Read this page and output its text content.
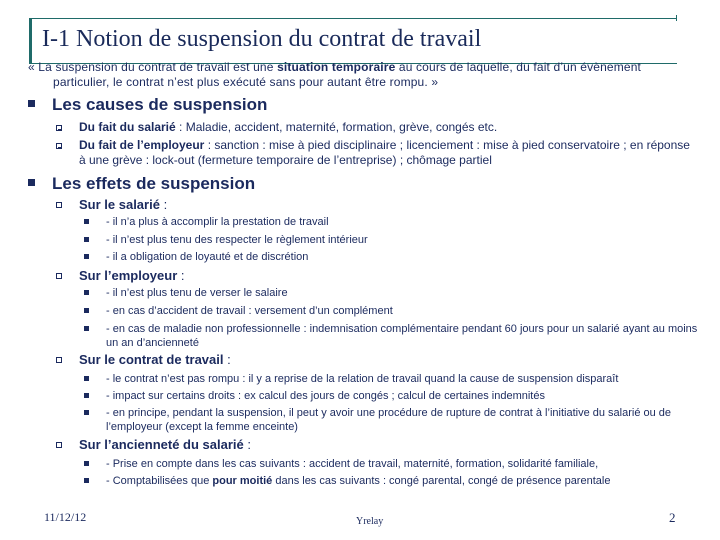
I-1 Notion de suspension du contrat de travail
« La suspension du contrat de travail est une situation temporaire au cours de laquelle, du fait d’un évènement
particulier, le contrat n’est plus exécuté sans pour autant être rompu. »
Les causes de suspension
Du fait du salarié : Maladie, accident, maternité, formation, grève, congés etc.
Du fait de l’employeur : sanction : mise à pied disciplinaire ; licenciement : mise à pied conservatoire ; en réponse à une grève : lock-out (fermeture temporaire de l’entreprise) ; chômage partiel
Les effets de suspension
Sur le salarié :
- il n’a plus à accomplir la prestation de travail
- il n’est plus tenu des respecter le règlement intérieur
- il a obligation de loyauté et de discrétion
Sur l’employeur :
- il n’est plus tenu de verser le salaire
- en cas d’accident de travail : versement d’un complément
- en cas de maladie non professionnelle : indemnisation complémentaire pendant 60 jours pour un salarié ayant au moins un an d’ancienneté
Sur le contrat de travail :
- le contrat n’est pas rompu : il y a reprise de la relation de travail quand la cause de suspension disparaît
- impact sur certains droits : ex calcul des jours de congés ; calcul de certaines indemnités
- en principe, pendant la suspension, il peut y avoir une procédure de rupture de contrat à l’initiative du salarié ou de l’employeur (except la femme enceinte)
Sur l’ancienneté du salarié :
- Prise en compte dans les cas suivants : accident de travail, maternité, formation, solidarité familiale,
- Comptabilisées que pour moitié dans les cas suivants : congé parental, congé de présence parentale
11/12/12	Yrelay	2
